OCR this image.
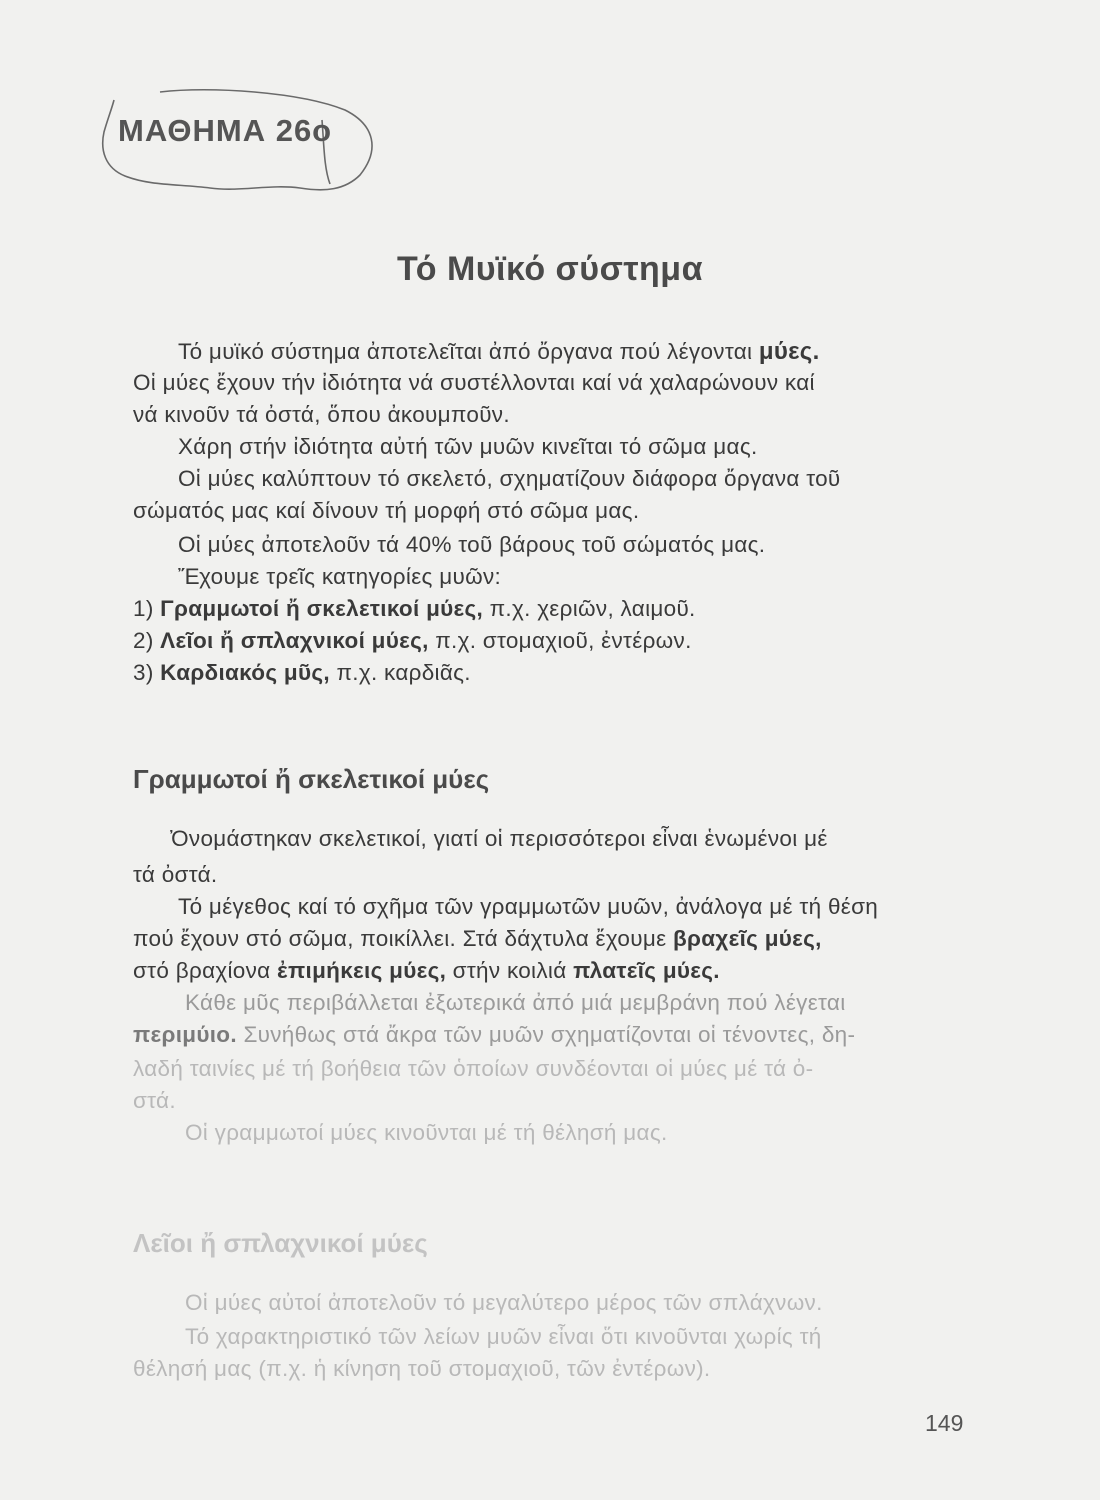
ΜΑΘΗΜΑ 26ο
Τό Μυϊκό σύστημα
Τό μυϊκό σύστημα ἀποτελεῖται ἀπό ὄργανα πού λέγονται μύες.
Οἱ μύες ἔχουν τήν ἰδιότητα νά συστέλλονται καί νά χαλαρώνουν καί
νά κινοῦν τά ὀστά, ὅπου ἀκουμποῦν.
Χάρη στήν ἰδιότητα αὐτή τῶν μυῶν κινεῖται τό σῶμα μας.
Οἱ μύες καλύπτουν τό σκελετό, σχηματίζουν διάφορα ὄργανα τοῦ
σώματός μας καί δίνουν τή μορφή στό σῶμα μας.
Οἱ μύες ἀποτελοῦν τά 40% τοῦ βάρους τοῦ σώματός μας.
Ἔχουμε τρεῖς κατηγορίες μυῶν:
1) Γραμμωτοί ἤ σκελετικοί μύες, π.χ. χεριῶν, λαιμοῦ.
2) Λεῖοι ἤ σπλαχνικοί μύες, π.χ. στομαχιοῦ, ἐντέρων.
3) Καρδιακός μῦς, π.χ. καρδιᾶς.
Γραμμωτοί ἤ σκελετικοί μύες
Ὀνομάστηκαν σκελετικοί, γιατί οἱ περισσότεροι εἶναι ἑνωμένοι μέ
τά ὀστά.
Τό μέγεθος καί τό σχῆμα τῶν γραμμωτῶν μυῶν, ἀνάλογα μέ τή θέση
πού ἔχουν στό σῶμα, ποικίλλει. Στά δάχτυλα ἔχουμε βραχεῖς μύες,
στό βραχίονα ἐπιμήκεις μύες, στήν κοιλιά πλατεῖς μύες.
Κάθε μῦς περιβάλλεται ἐξωτερικά ἀπό μιά μεμβράνη πού λέγεται
περιμύιο. Συνήθως στά ἄκρα τῶν μυῶν σχηματίζονται οἱ τένοντες, δη-
λαδή ταινίες μέ τή βοήθεια τῶν ὁποίων συνδέονται οἱ μύες μέ τά ὀ-
στά.
Οἱ γραμμωτοί μύες κινοῦνται μέ τή θέλησή μας.
Λεῖοι ἤ σπλαχνικοί μύες
Οἱ μύες αὐτοί ἀποτελοῦν τό μεγαλύτερο μέρος τῶν σπλάχνων.
Τό χαρακτηριστικό τῶν λείων μυῶν εἶναι ὅτι κινοῦνται χωρίς τή
θέλησή μας (π.χ. ἡ κίνηση τοῦ στομαχιοῦ, τῶν ἐντέρων).
149
